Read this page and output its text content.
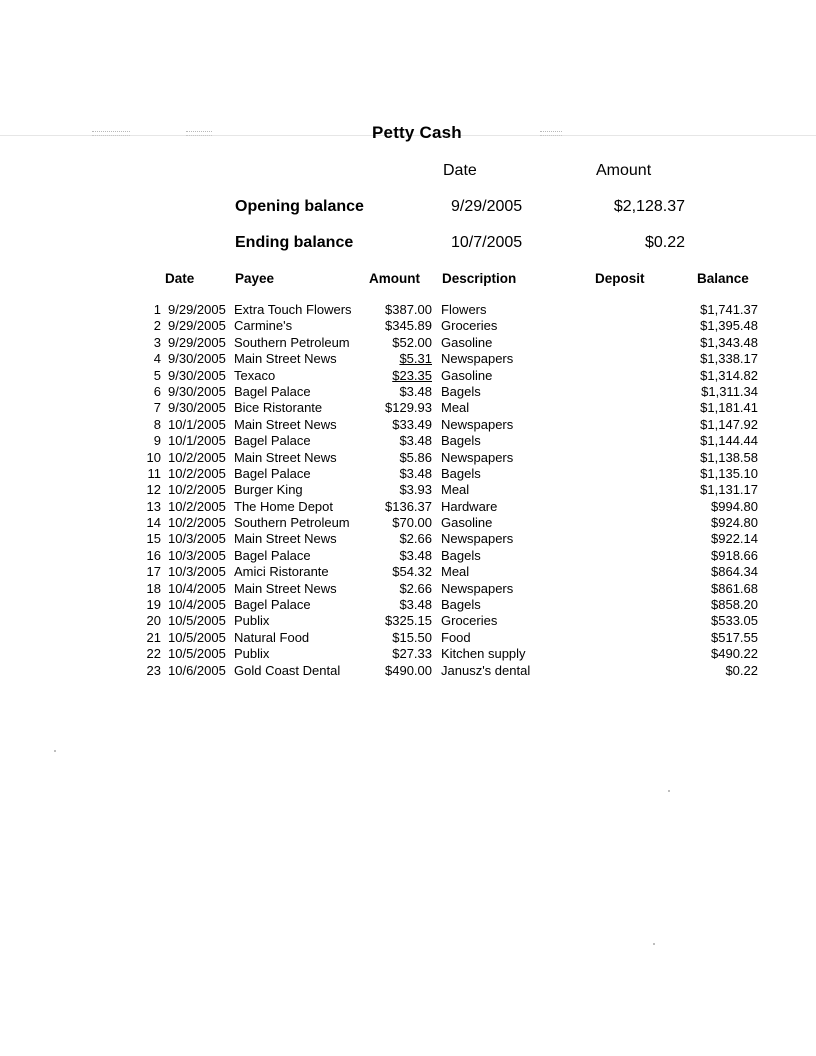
Petty Cash
Date	Amount
Opening balance	9/29/2005	$2,128.37
Ending balance	10/7/2005	$0.22
Date	Payee	Amount Description	Deposit	Balance
1 9/29/2005 Extra Touch Flowers	$387.00 Flowers	$1,741.37
2 9/29/2005 Carmine's	$345.89 Groceries	$1,395.48
3 9/29/2005 Southern Petroleum	$52.00 Gasoline	$1,343.48
4 9/30/2005 Main Street News	$5.31 Newspapers	$1,338.17
5 9/30/2005 Texaco	$23.35 Gasoline	$1,314.82
6 9/30/2005 Bagel Palace	$3.48 Bagels	$1,311.34
7 9/30/2005 Bice Ristorante	$129.93 Meal	$1,181.41
8 10/1/2005 Main Street News	$33.49 Newspapers	$1,147.92
9 10/1/2005 Bagel Palace	$3.48 Bagels	$1,144.44
10 10/2/2005 Main Street News	$5.86 Newspapers	$1,138.58
11 10/2/2005 Bagel Palace	$3.48 Bagels	$1,135.10
12 10/2/2005 Burger King	$3.93 Meal	$1,131.17
13 10/2/2005 The Home Depot	$136.37 Hardware	$994.80
14 10/2/2005 Southern Petroleum	$70.00 Gasoline	$924.80
15 10/3/2005 Main Street News	$2.66 Newspapers	$922.14
16 10/3/2005 Bagel Palace	$3.48 Bagels	$918.66
17 10/3/2005 Amici Ristorante	$54.32 Meal	$864.34
18 10/4/2005 Main Street News	$2.66 Newspapers	$861.68
19 10/4/2005 Bagel Palace	$3.48 Bagels	$858.20
20 10/5/2005 Publix	$325.15 Groceries	$533.05
21 10/5/2005 Natural Food	$15.50 Food	$517.55
22 10/5/2005 Publix	$27.33 Kitchen supply	$490.22
23 10/6/2005 Gold Coast Dental	$490.00 Janusz's dental	$0.22
